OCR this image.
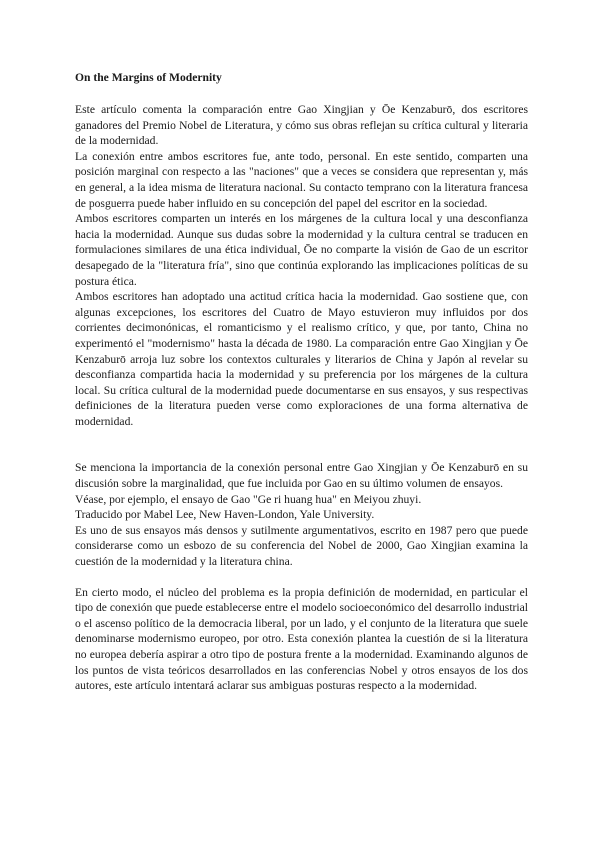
On the Margins of Modernity
Este artículo comenta la comparación entre Gao Xingjian y Ōe Kenzaburō, dos escritores ganadores del Premio Nobel de Literatura, y cómo sus obras reflejan su crítica cultural y literaria de la modernidad.
La conexión entre ambos escritores fue, ante todo, personal. En este sentido, comparten una posición marginal con respecto a las "naciones" que a veces se considera que representan y, más en general, a la idea misma de literatura nacional. Su contacto temprano con la literatura francesa de posguerra puede haber influido en su concepción del papel del escritor en la sociedad.
Ambos escritores comparten un interés en los márgenes de la cultura local y una desconfianza hacia la modernidad. Aunque sus dudas sobre la modernidad y la cultura central se traducen en formulaciones similares de una ética individual, Ōe no comparte la visión de Gao de un escritor desapegado de la "literatura fría", sino que continúa explorando las implicaciones políticas de su postura ética.
Ambos escritores han adoptado una actitud crítica hacia la modernidad. Gao sostiene que, con algunas excepciones, los escritores del Cuatro de Mayo estuvieron muy influidos por dos corrientes decimonónicas, el romanticismo y el realismo crítico, y que, por tanto, China no experimentó el "modernismo" hasta la década de 1980. La comparación entre Gao Xingjian y Ōe Kenzaburō arroja luz sobre los contextos culturales y literarios de China y Japón al revelar su desconfianza compartida hacia la modernidad y su preferencia por los márgenes de la cultura local. Su crítica cultural de la modernidad puede documentarse en sus ensayos, y sus respectivas definiciones de la literatura pueden verse como exploraciones de una forma alternativa de modernidad.
Se menciona la importancia de la conexión personal entre Gao Xingjian y Ōe Kenzaburō en su discusión sobre la marginalidad, que fue incluida por Gao en su último volumen de ensayos.
Véase, por ejemplo, el ensayo de Gao "Ge ri huang hua" en Meiyou zhuyi.
Traducido por Mabel Lee, New Haven-London, Yale University.
Es uno de sus ensayos más densos y sutilmente argumentativos, escrito en 1987 pero que puede considerarse como un esbozo de su conferencia del Nobel de 2000, Gao Xingjian examina la cuestión de la modernidad y la literatura china.
En cierto modo, el núcleo del problema es la propia definición de modernidad, en particular el tipo de conexión que puede establecerse entre el modelo socioeconómico del desarrollo industrial o el ascenso político de la democracia liberal, por un lado, y el conjunto de la literatura que suele denominarse modernismo europeo, por otro. Esta conexión plantea la cuestión de si la literatura no europea debería aspirar a otro tipo de postura frente a la modernidad. Examinando algunos de los puntos de vista teóricos desarrollados en las conferencias Nobel y otros ensayos de los dos autores, este artículo intentará aclarar sus ambiguas posturas respecto a la modernidad.
